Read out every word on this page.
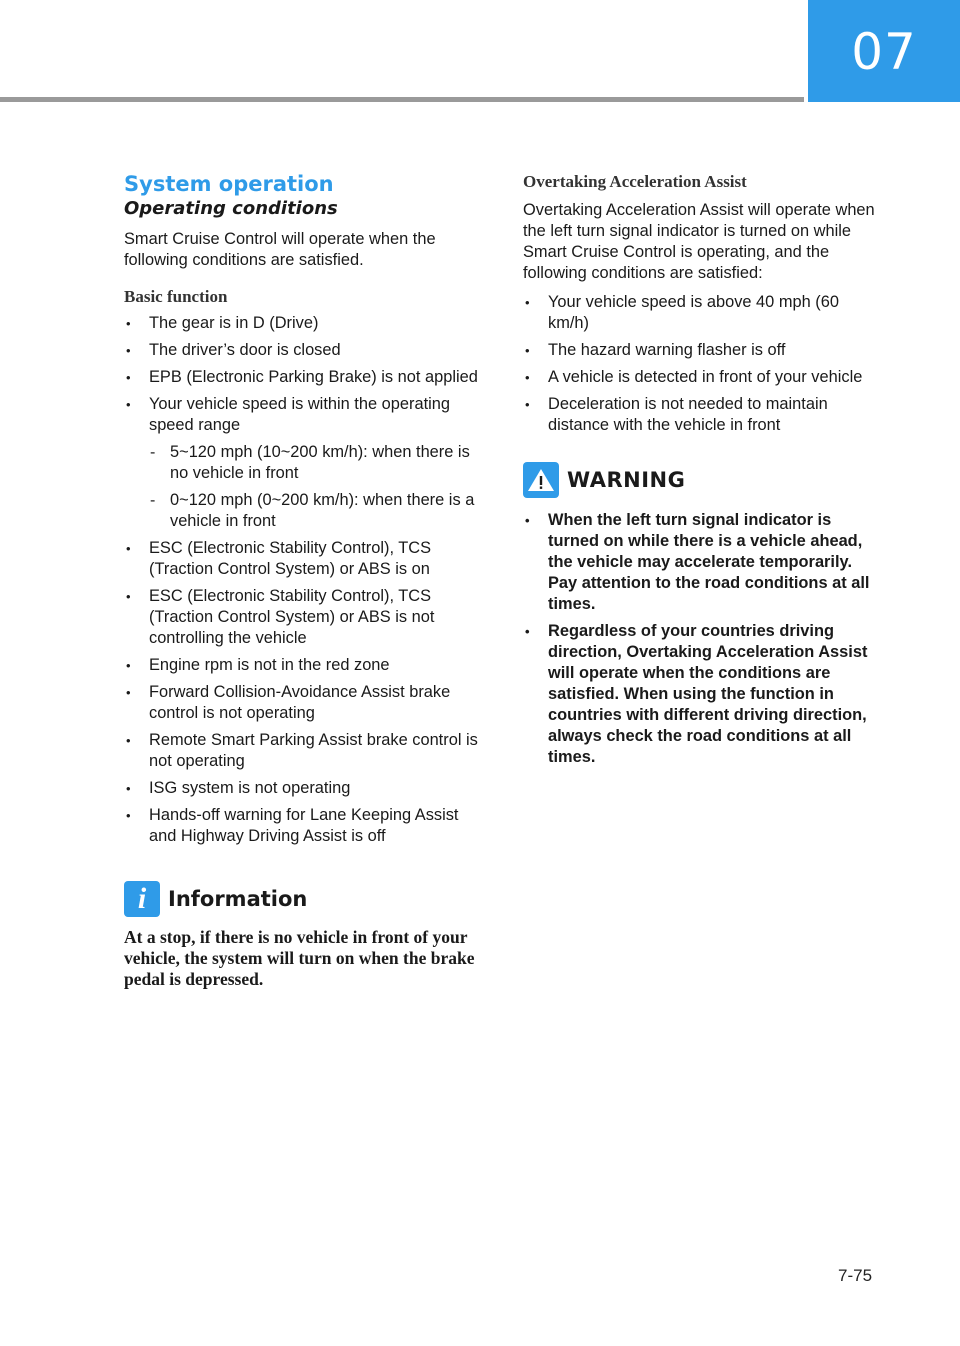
07
System operation
Operating conditions

Smart Cruise Control will operate when the following conditions are satisfied.

Basic function
• The gear is in D (Drive)
• The driver’s door is closed
• EPB (Electronic Parking Brake) is not applied
• Your vehicle speed is within the operating speed range
- 5~120 mph (10~200 km/h): when there is no vehicle in front
- 0~120 mph (0~200 km/h): when there is a vehicle in front
• ESC (Electronic Stability Control), TCS (Traction Control System) or ABS is on
• ESC (Electronic Stability Control), TCS (Traction Control System) or ABS is not controlling the vehicle
• Engine rpm is not in the red zone
• Forward Collision-Avoidance Assist brake control is not operating
• Remote Smart Parking Assist brake control is not operating
• ISG system is not operating
• Hands-off warning for Lane Keeping Assist and Highway Driving Assist is off
i Information
At a stop, if there is no vehicle in front of your vehicle, the system will turn on when the brake pedal is depressed.
Overtaking Acceleration Assist

Overtaking Acceleration Assist will operate when the left turn signal indicator is turned on while Smart Cruise Control is operating, and the following conditions are satisfied:

• Your vehicle speed is above 40 mph (60 km/h)
• The hazard warning flasher is off
• A vehicle is detected in front of your vehicle
• Deceleration is not needed to maintain distance with the vehicle in front
WARNING
• When the left turn signal indicator is turned on while there is a vehicle ahead, the vehicle may accelerate temporarily. Pay attention to the road conditions at all times.
• Regardless of your countries driving direction, Overtaking Acceleration Assist will operate when the conditions are satisfied. When using the function in countries with different driving direction, always check the road conditions at all times.
7-75
